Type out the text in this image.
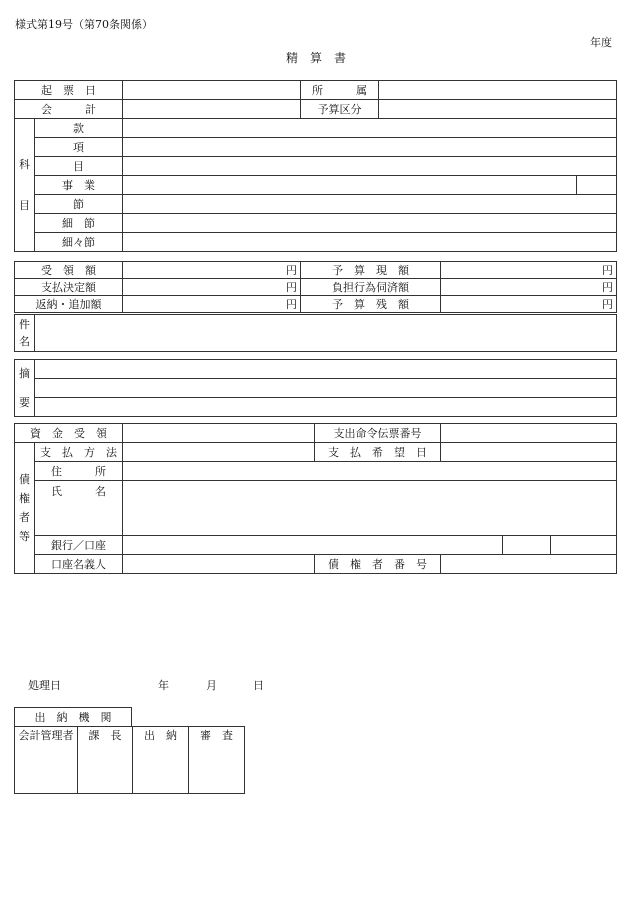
様式第19号（第70条関係）
年度
精　算　書
起　票　日			所　　　属		
会　　　計			予算区分		

科
目	款				
	項				
	目				
	事　業				
	節				
	細　節				
	細々節				
受　領　額	円	予　算　現　額	円
支払決定額	円	負担行為伺済額	円
返納・追加額	円	予　算　残　額	円
件
名

摘
要

資　金　受　領			支出命令伝票番号			

債
権
者
等	支　払　方　法		支　払　希　望　日			
	住　　　所					
	氏　　　名					
	銀行／口座					
	口座名義人		債　権　者　番　号			
処理日	年	月	日
出　納　機　関
会計管理者	課　長	出　納	審　査
